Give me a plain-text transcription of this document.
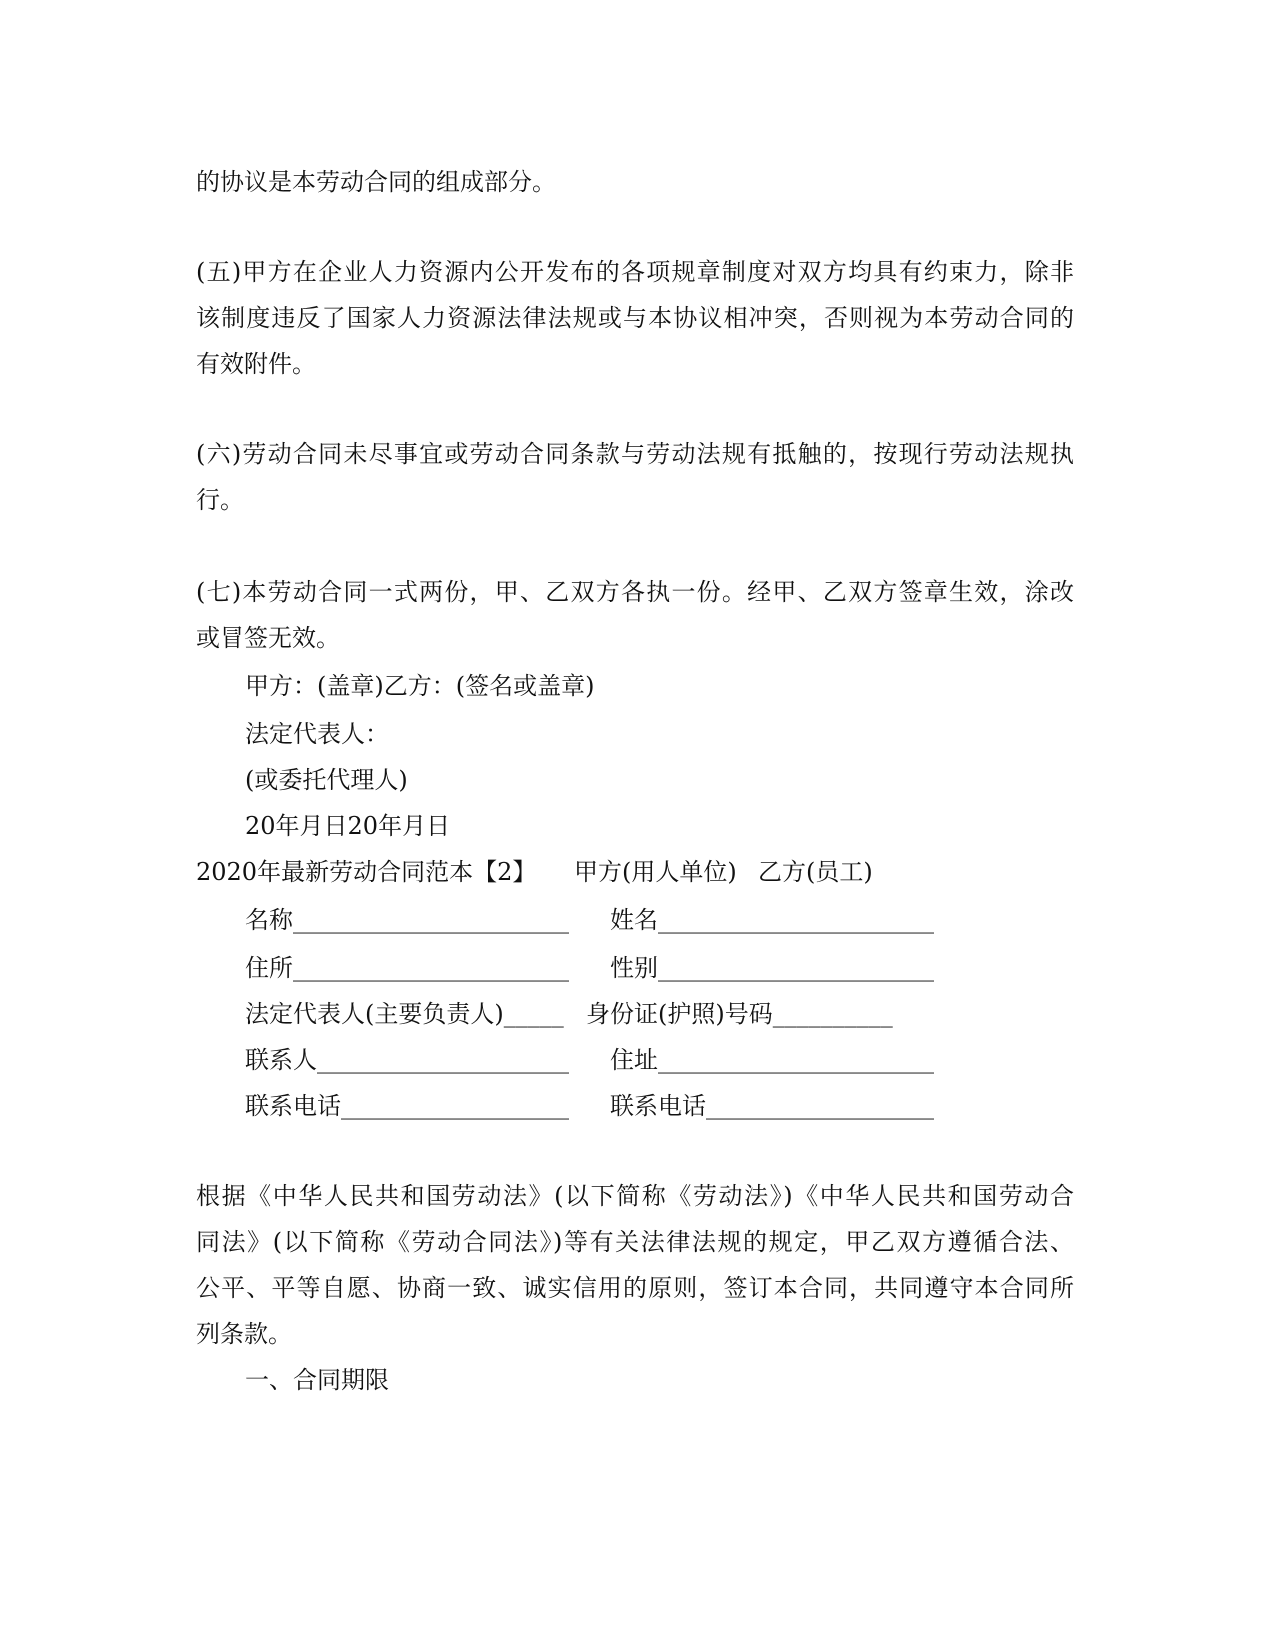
的协议是本劳动合同的组成部分。
(五)甲方在企业人力资源内公开发布的各项规章制度对双方均具有约束力，除非
该制度违反了国家人力资源法律法规或与本协议相冲突，否则视为本劳动合同的
有效附件。
(六)劳动合同未尽事宜或劳动合同条款与劳动法规有抵触的，按现行劳动法规执
行。
(七)本劳动合同一式两份，甲、乙双方各执一份。经甲、乙双方签章生效，涂改
或冒签无效。
甲方：(盖章)乙方：(签名或盖章)
法定代表人：
(或委托代理人)
20年月日20年月日
2020年最新劳动合同范本【2】 甲方(用人单位) 乙方(员工)
名称_______________________ 姓名_______________________
住所_______________________ 性别_______________________
法定代表人(主要负责人)_____ 身份证(护照)号码__________
联系人_____________________ 住址_______________________
联系电话___________________ 联系电话___________________
根据《中华人民共和国劳动法》(以下简称《劳动法》)《中华人民共和国劳动合
同法》(以下简称《劳动合同法》)等有关法律法规的规定，甲乙双方遵循合法、
公平、平等自愿、协商一致、诚实信用的原则，签订本合同，共同遵守本合同所
列条款。
一、合同期限
